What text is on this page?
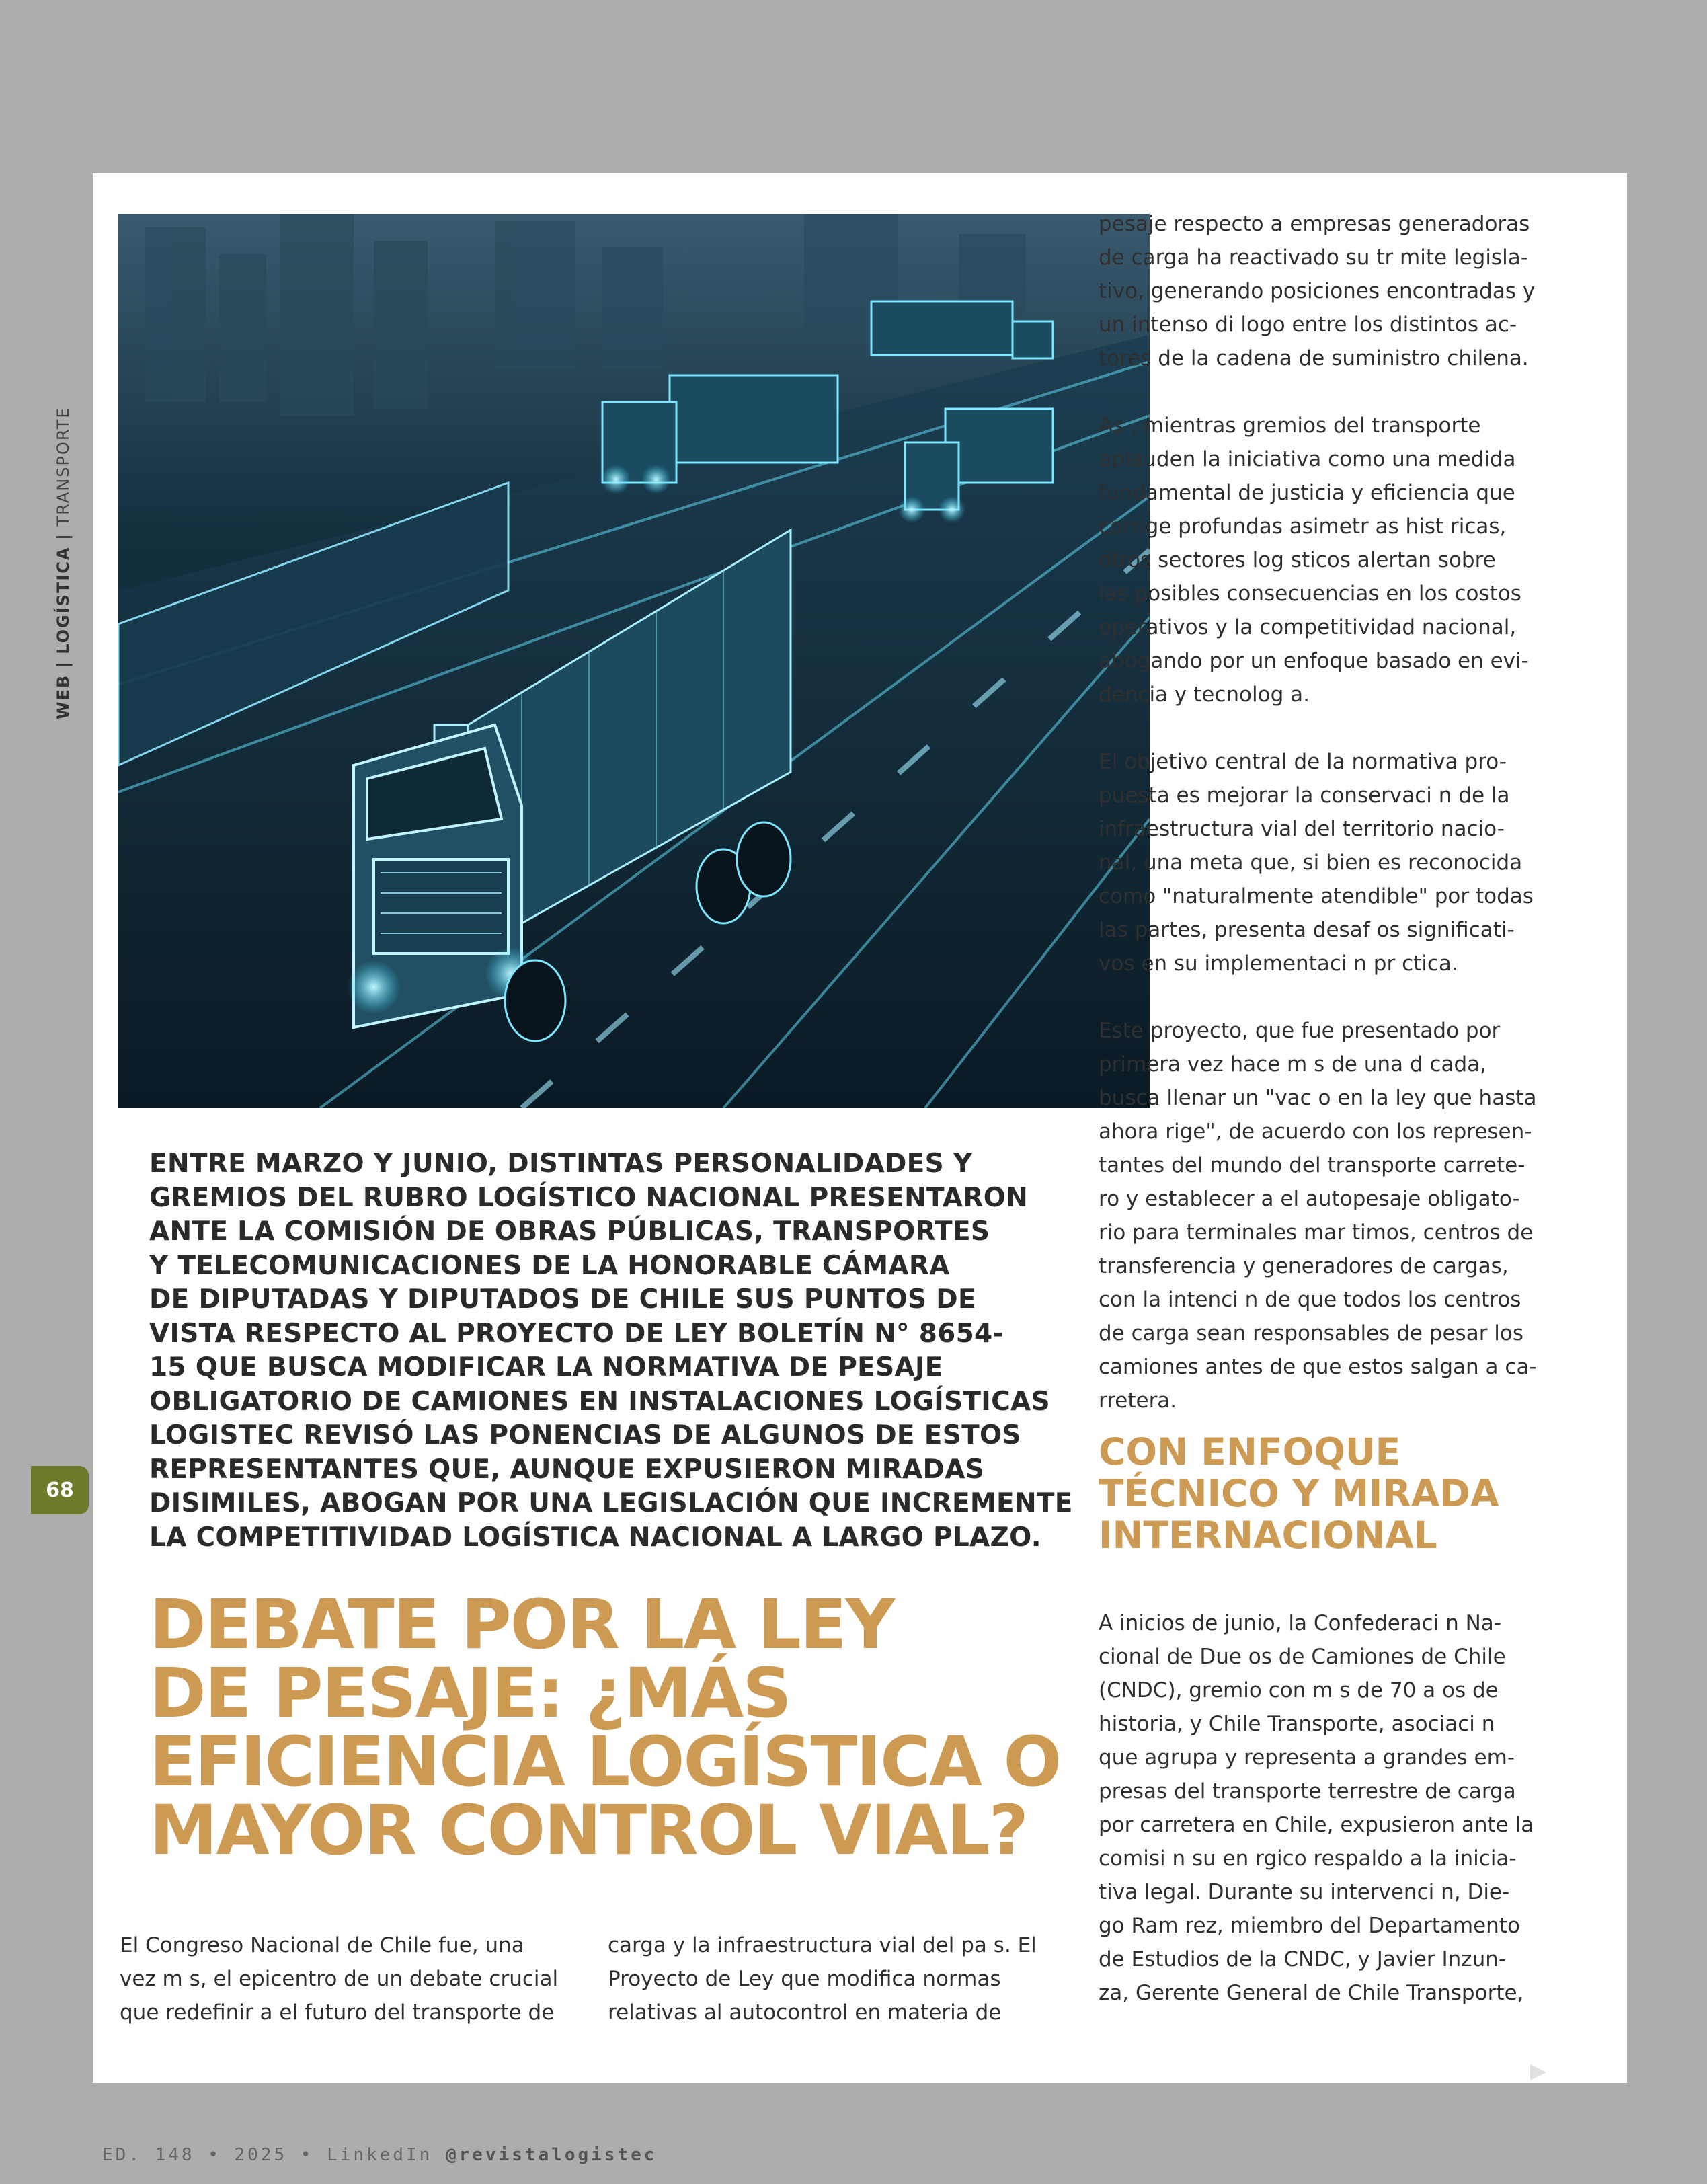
ENTRE MARZO Y JUNIO, DISTINTAS PERSONALIDADES Y
GREMIOS DEL RUBRO LOGÍSTICO NACIONAL PRESENTARON
ANTE LA COMISIÓN DE OBRAS PÚBLICAS, TRANSPORTES
Y TELECOMUNICACIONES DE LA HONORABLE CÁMARA
DE DIPUTADAS Y DIPUTADOS DE CHILE SUS PUNTOS DE
VISTA RESPECTO AL PROYECTO DE LEY BOLETÍN N° 8654-
15 QUE BUSCA MODIFICAR LA NORMATIVA DE PESAJE
OBLIGATORIO DE CAMIONES EN INSTALACIONES LOGÍSTICAS
LOGISTEC REVISÓ LAS PONENCIAS DE ALGUNOS DE ESTOS
REPRESENTANTES QUE, AUNQUE EXPUSIERON MIRADAS
DISIMILES, ABOGAN POR UNA LEGISLACIÓN QUE INCREMENTE
LA COMPETITIVIDAD LOGÍSTICA NACIONAL A LARGO PLAZO.
DEBATE POR LA LEY
DE PESAJE: ¿MÁS
EFICIENCIA LOGÍSTICA O
MAYOR CONTROL VIAL?
El Congreso Nacional de Chile fue, una
vez m s, el epicentro de un debate crucial
que redefinir a el futuro del transporte de
carga y la infraestructura vial del pa s. El
Proyecto de Ley que modifica normas
relativas al autocontrol en materia de
pesaje respecto a empresas generadoras
de carga ha reactivado su tr mite legisla-
tivo, generando posiciones encontradas y
un intenso di logo entre los distintos ac-
tores de la cadena de suministro chilena.
As , mientras gremios del transporte
aplauden la iniciativa como una medida
fundamental de justicia y eficiencia que
corrige profundas asimetr as hist ricas,
otros sectores log sticos alertan sobre
las posibles consecuencias en los costos
operativos y la competitividad nacional,
abogando por un enfoque basado en evi-
dencia y tecnolog a.
El objetivo central de la normativa pro-
puesta es mejorar la conservaci n de la
infraestructura vial del territorio nacio-
nal, una meta que, si bien es reconocida
como "naturalmente atendible" por todas
las partes, presenta desaf os significati-
vos en su implementaci n pr ctica.
Este proyecto, que fue presentado por
primera vez hace m s de una d cada,
busca llenar un "vac o en la ley que hasta
ahora rige", de acuerdo con los represen-
tantes del mundo del transporte carrete-
ro y establecer a el autopesaje obligato-
rio para terminales mar timos, centros de
transferencia y generadores de cargas,
con la intenci n de que todos los centros
de carga sean responsables de pesar los
camiones antes de que estos salgan a ca-
rretera.
CON ENFOQUE
TÉCNICO Y MIRADA
INTERNACIONAL
A inicios de junio, la Confederaci n Na-
cional de Due os de Camiones de Chile
(CNDC), gremio con m s de 70 a os de
historia, y Chile Transporte, asociaci n
que agrupa y representa a grandes em-
presas del transporte terrestre de carga
por carretera en Chile, expusieron ante la
comisi n su en rgico respaldo a la inicia-
tiva legal. Durante su intervenci n, Die-
go Ram rez, miembro del Departamento
de Estudios de la CNDC, y Javier Inzun-
za, Gerente General de Chile Transporte,
WEB | LOGÍSTICA | TRANSPORTE
68
ED. 148 • 2025 • LinkedIn @revistalogistec
